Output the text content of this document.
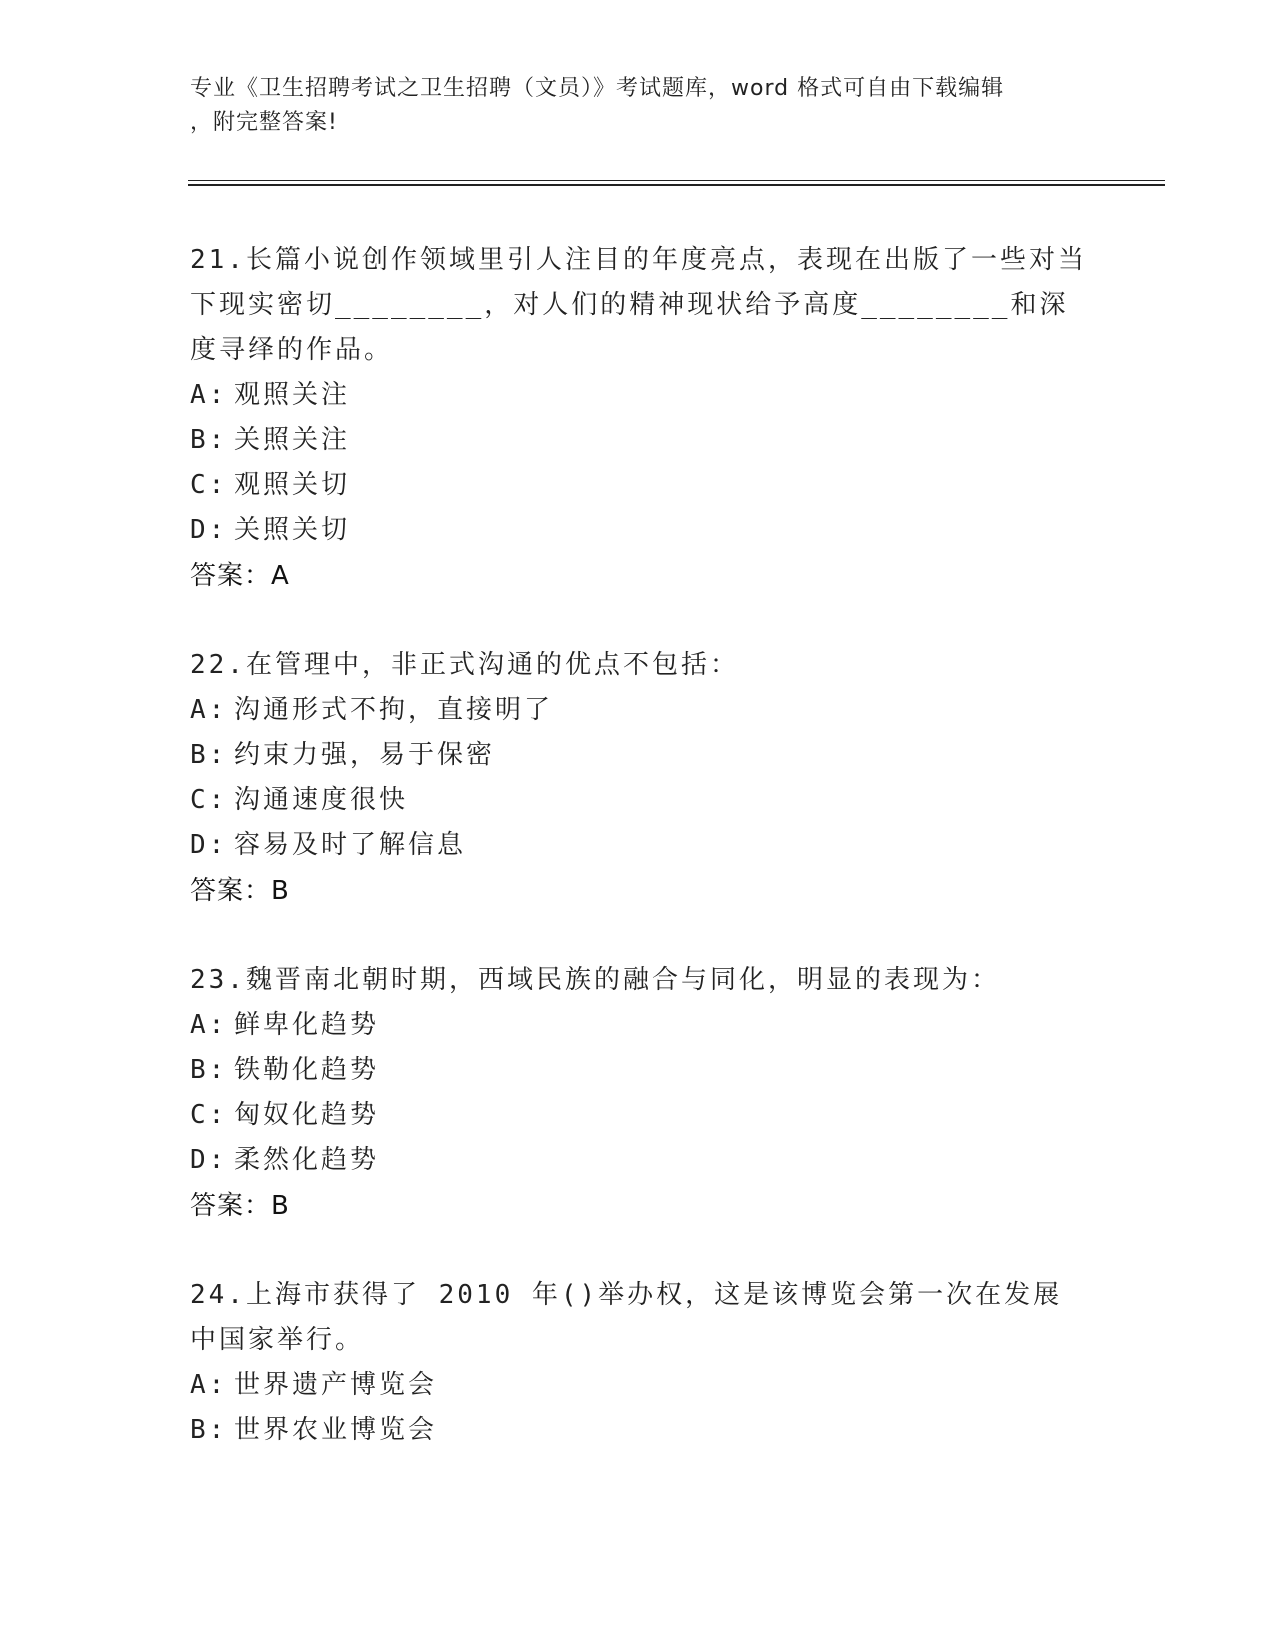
专业《卫生招聘考试之卫生招聘（文员）》考试题库，word 格式可自由下载编辑
，附完整答案!

21.长篇小说创作领域里引人注目的年度亮点，表现在出版了一些对当下现实密切________，对人们的精神现状给予高度________和深度寻绎的作品。

A: 观照关注
B: 关照关注
C: 观照关切
D: 关照关切
答案：A

22.在管理中，非正式沟通的优点不包括：

A: 沟通形式不拘，直接明了
B: 约束力强，易于保密
C: 沟通速度很快
D: 容易及时了解信息
答案：B

23.魏晋南北朝时期，西域民族的融合与同化，明显的表现为：

A: 鲜卑化趋势
B: 铁勒化趋势
C: 匈奴化趋势
D: 柔然化趋势
答案：B

24.上海市获得了 2010 年()举办权，这是该博览会第一次在发展中国家举行。

A: 世界遗产博览会
B: 世界农业博览会
